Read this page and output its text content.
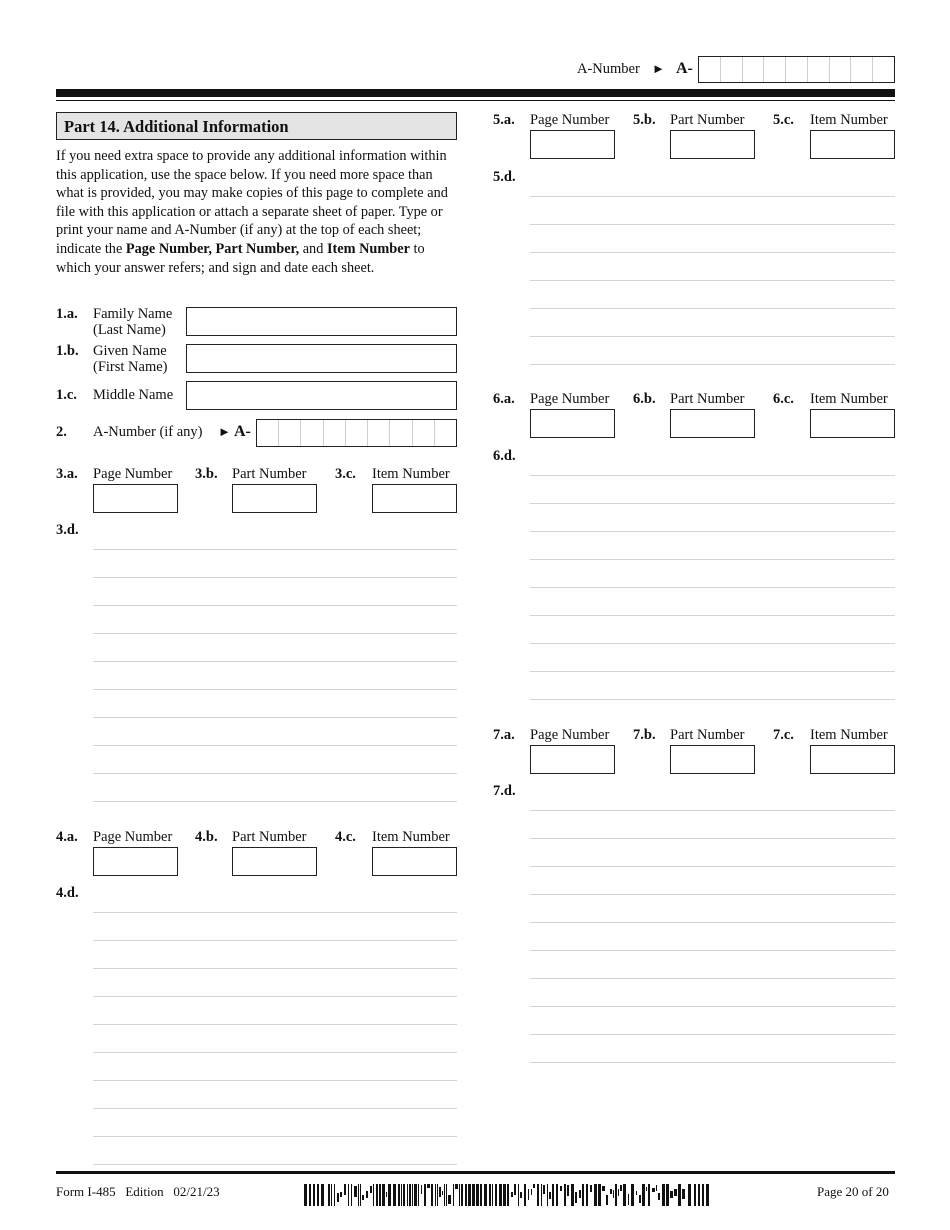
A-Number ► A-
Part 14. Additional Information
If you need extra space to provide any additional information within this application, use the space below. If you need more space than what is provided, you may make copies of this page to complete and file with this application or attach a separate sheet of paper. Type or print your name and A-Number (if any) at the top of each sheet; indicate the Page Number, Part Number, and Item Number to which your answer refers; and sign and date each sheet.
1.a. Family Name
(Last Name)
1.b. Given Name
(First Name)
1.c. Middle Name
2. A-Number (if any) ► A-
3.a. Page Number 3.b. Part Number 3.c. Item Number
3.d.
4.a. Page Number 4.b. Part Number 4.c. Item Number
4.d.
5.a. Page Number 5.b. Part Number 5.c. Item Number
5.d.
6.a. Page Number 6.b. Part Number 6.c. Item Number
6.d.
7.a. Page Number 7.b. Part Number 7.c. Item Number
7.d.
Form I-485 Edition 02/21/23	Page 20 of 20
